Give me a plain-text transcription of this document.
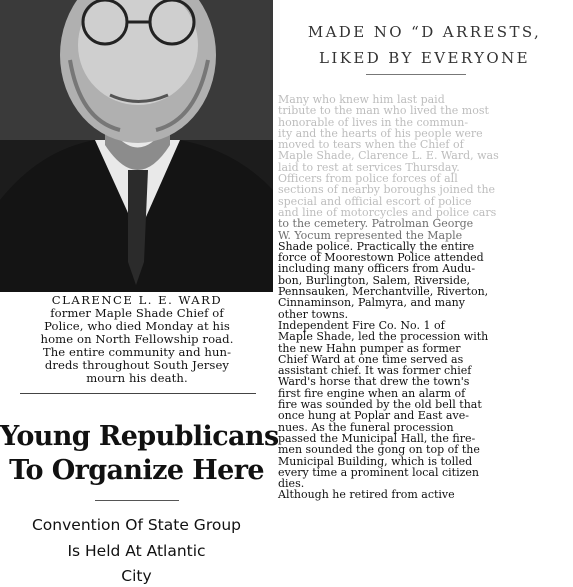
CLARENCE L. E. WARD
former Maple Shade Chief of
Police, who died Monday at his
home on North Fellowship road.
The entire community and hun-
dreds throughout South Jersey
mourn his death.
Young Republicans
To Organize Here
Convention Of State Group
Is Held At Atlantic
City
MADE NO “D ARRESTS,
LIKED BY EVERYONE
Many who knew him last paid
tribute to the man who lived the most
honorable of lives in the commun-
ity and the hearts of his people were
moved to tears when the Chief of
Maple Shade, Clarence L. E. Ward, was
laid to rest at services Thursday.
Officers from police forces of all
sections of nearby boroughs joined the
special and official escort of police
and line of motorcycles and police cars
to the cemetery. Patrolman George
W. Yocum represented the Maple
Shade police. Practically the entire
force of Moorestown Police attended
including many officers from Audu-
bon, Burlington, Salem, Riverside,
Pennsauken, Merchantville, Riverton,
Cinnaminson, Palmyra, and many
other towns.
Independent Fire Co. No. 1 of
Maple Shade, led the procession with
the new Hahn pumper as former
Chief Ward at one time served as
assistant chief. It was former chief
Ward's horse that drew the town's
first fire engine when an alarm of
fire was sounded by the old bell that
once hung at Poplar and East ave-
nues. As the funeral procession
passed the Municipal Hall, the fire-
men sounded the gong on top of the
Municipal Building, which is tolled
every time a prominent local citizen
dies.
Although he retired from active
